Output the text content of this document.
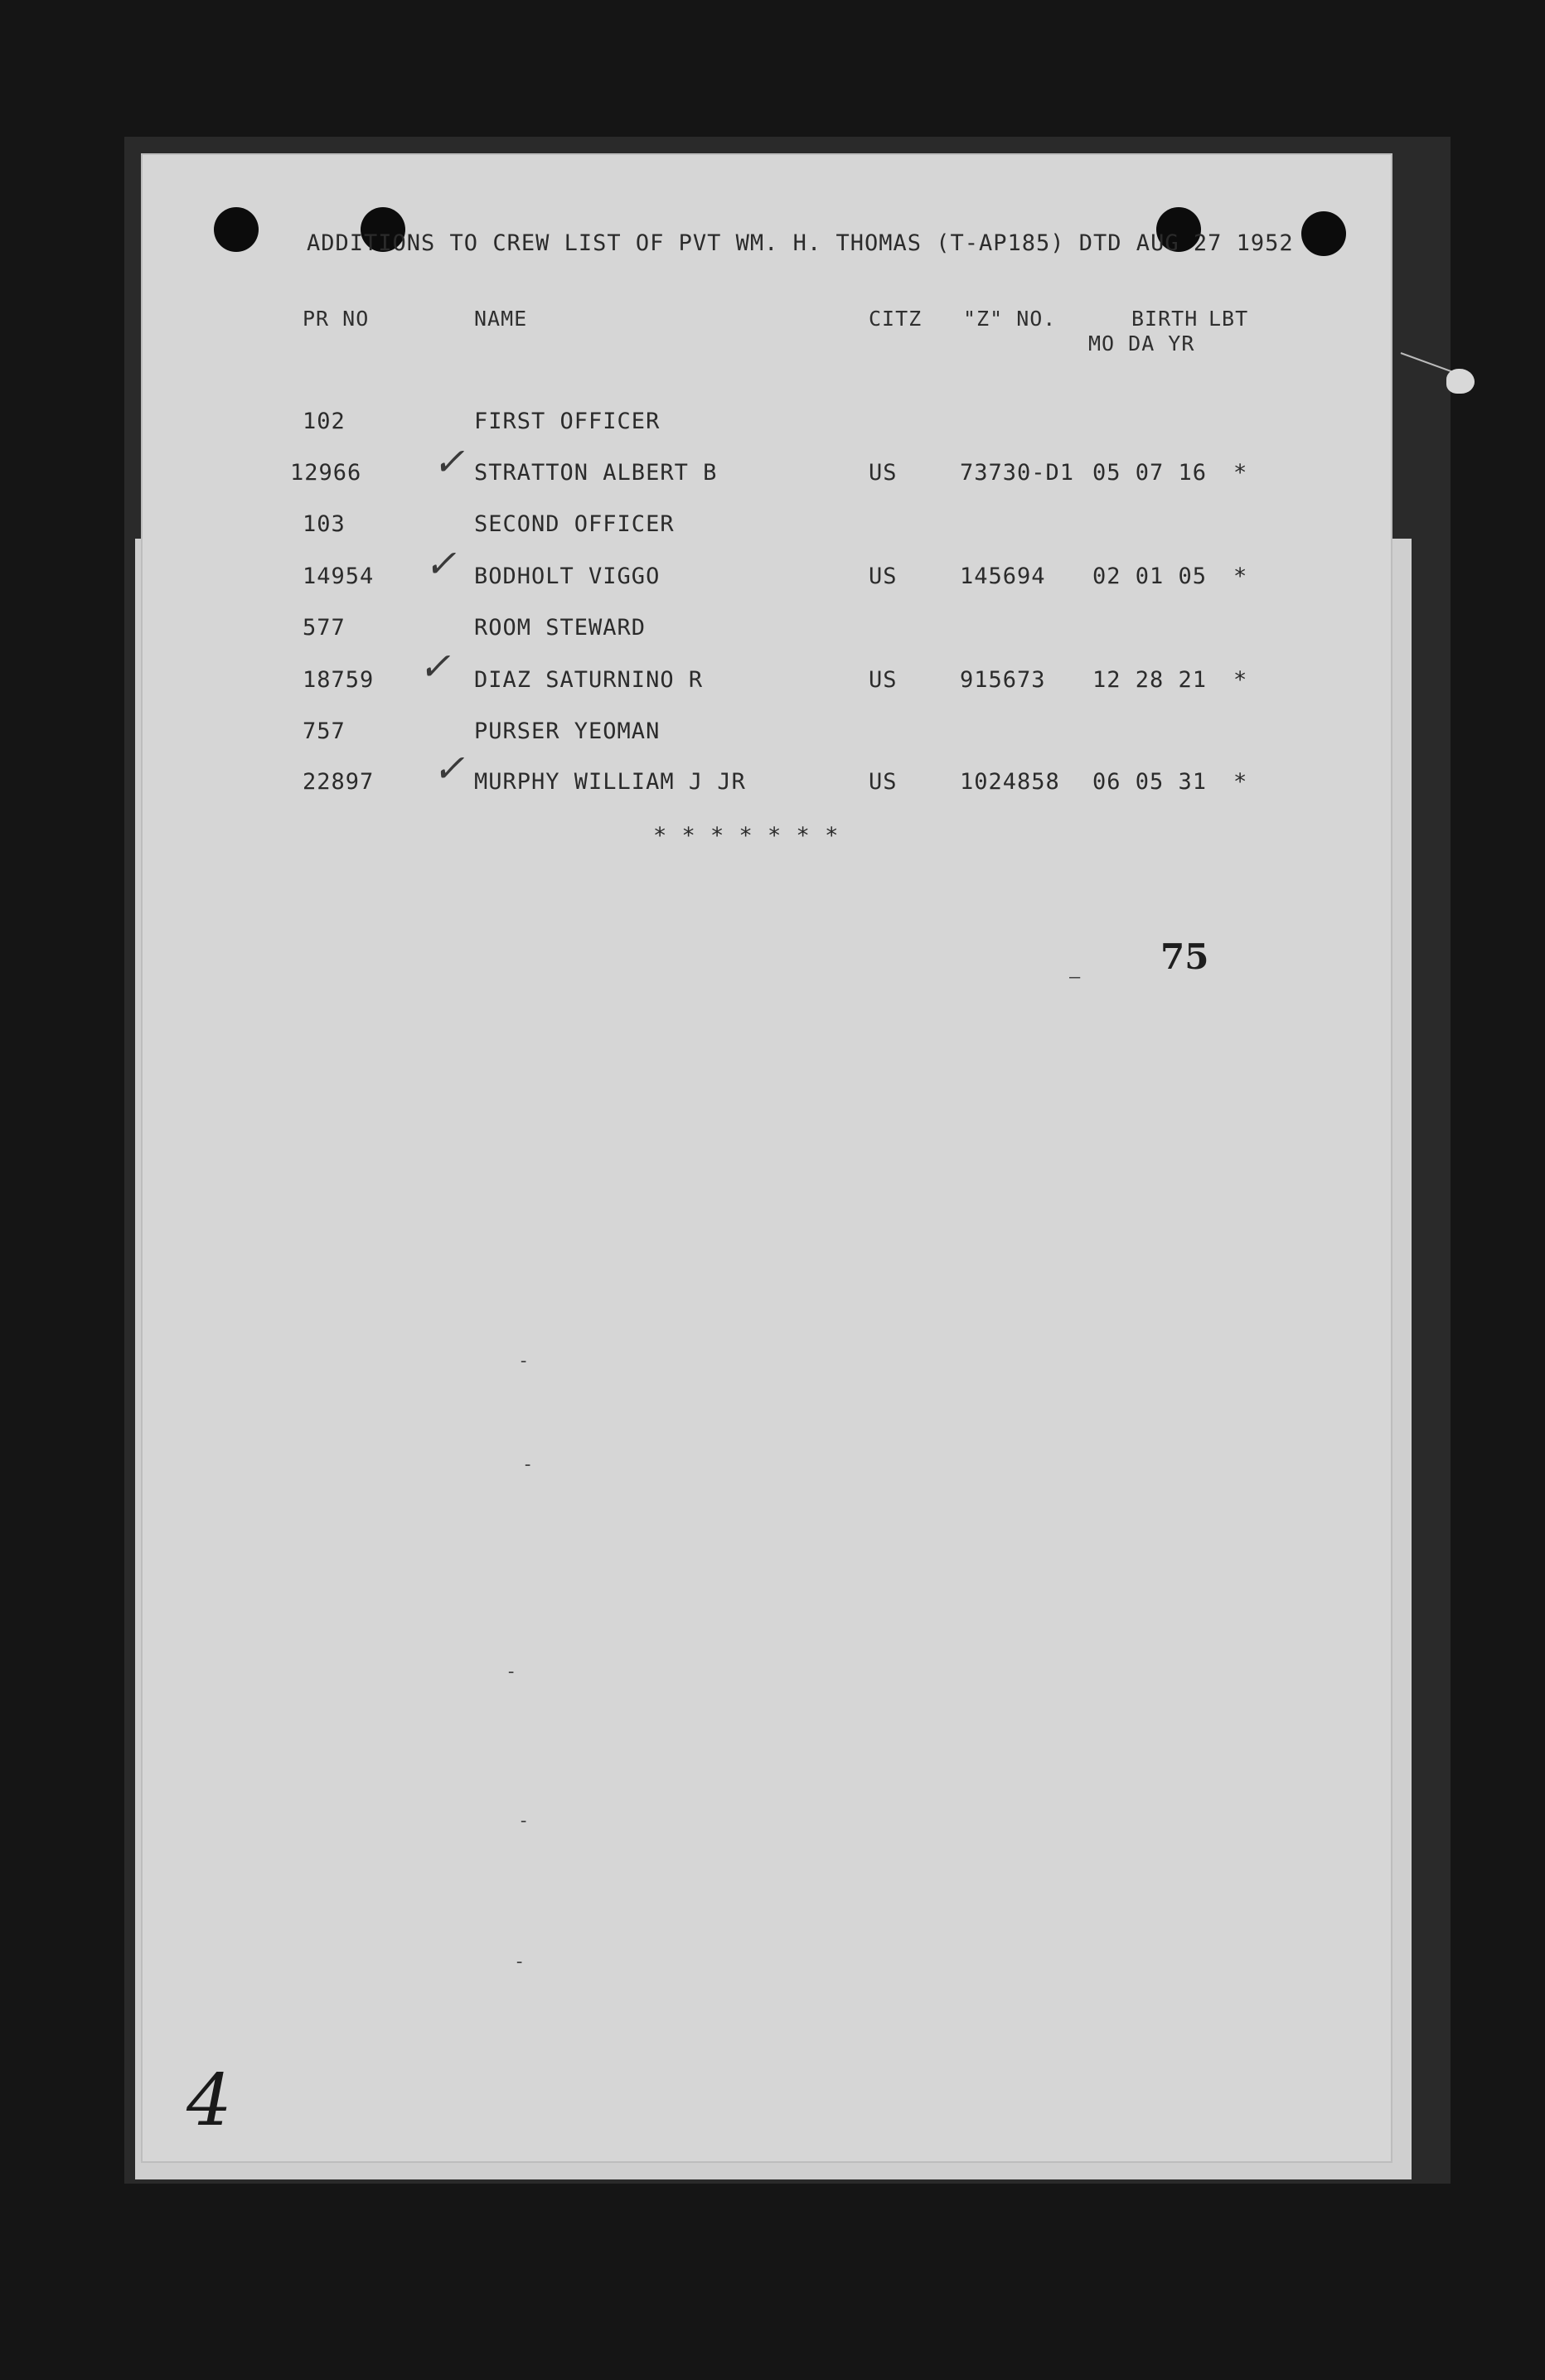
ADDITIONS TO CREW LIST OF PVT WM. H. THOMAS (T-AP185) DTD AUG 27 1952
PR NO	NAME	CITZ "Z" NO.	BIRTH LBT
MO DA YR
102	FIRST OFFICER
12966 ✓ STRATTON ALBERT B	US	73730-D1 05 07 16 *
103	SECOND OFFICER
14954 ✓ BODHOLT VIGGO	US	145694 02 01 05 *
577	ROOM STEWARD
18759 ✓ DIAZ SATURNINO R	US	915673 12 28 21 *
757	PURSER YEOMAN
22897 ✓ MURPHY WILLIAM J JR	US	1024858 06 05 31 *
* * * * * * *
—
75
-
-
-
-
-
4
